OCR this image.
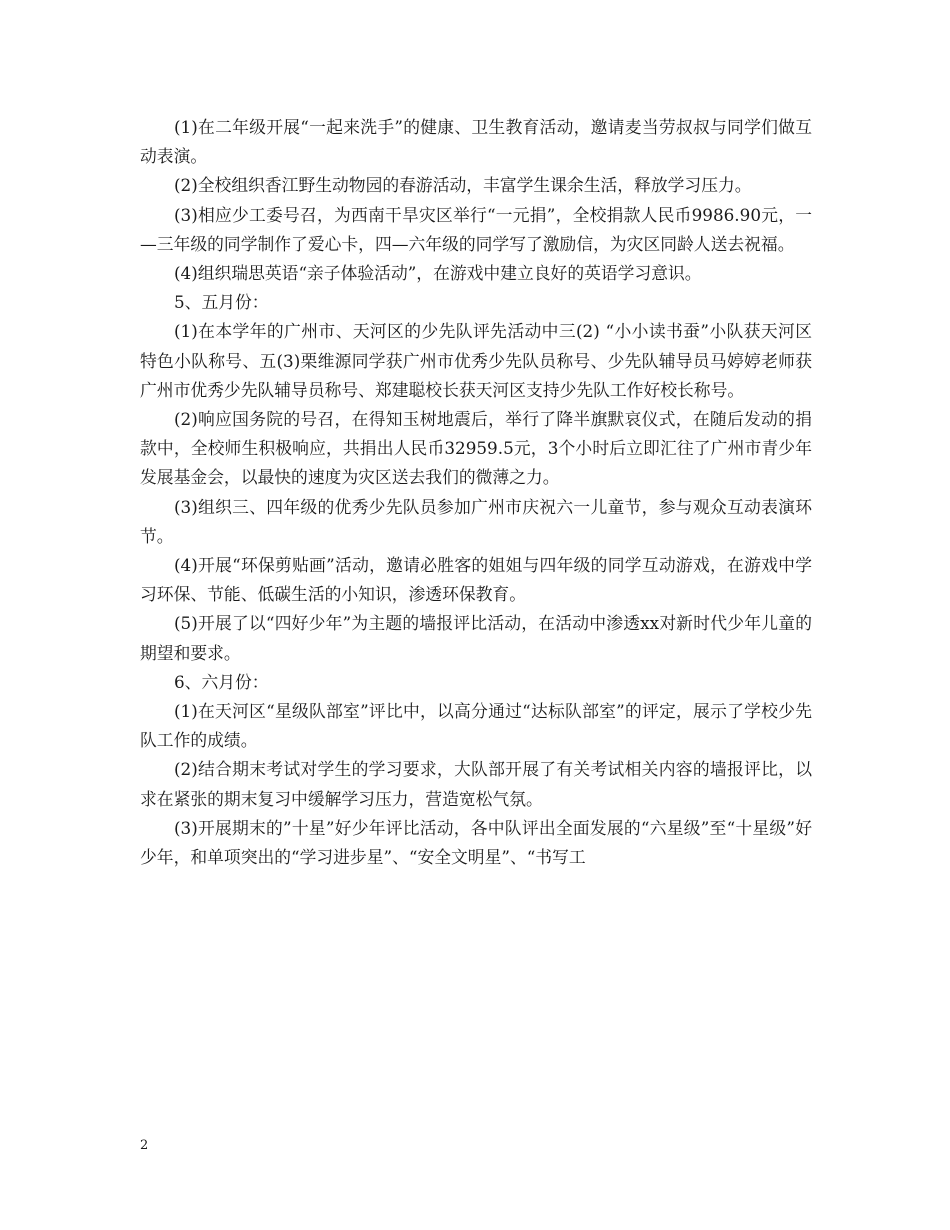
(1)在二年级开展“一起来洗手”的健康、卫生教育活动，邀请麦当劳叔叔与同学们做互动表演。

(2)全校组织香江野生动物园的春游活动，丰富学生课余生活，释放学习压力。

(3)相应少工委号召，为西南干旱灾区举行“一元捐”，全校捐款人民币9986.90元，一—三年级的同学制作了爱心卡，四—六年级的同学写了激励信，为灾区同龄人送去祝福。

(4)组织瑞思英语“亲子体验活动”，在游戏中建立良好的英语学习意识。

5、五月份：

(1)在本学年的广州市、天河区的少先队评先活动中三(2) “小小读书蚕”小队获天河区特色小队称号、五(3)栗维源同学获广州市优秀少先队员称号、少先队辅导员马婷婷老师获广州市优秀少先队辅导员称号、郑建聪校长获天河区支持少先队工作好校长称号。

(2)响应国务院的号召，在得知玉树地震后，举行了降半旗默哀仪式，在随后发动的捐款中，全校师生积极响应，共捐出人民币32959.5元，3个小时后立即汇往了广州市青少年发展基金会，以最快的速度为灾区送去我们的微薄之力。

(3)组织三、四年级的优秀少先队员参加广州市庆祝六一儿童节，参与观众互动表演环节。

(4)开展“环保剪贴画”活动，邀请必胜客的姐姐与四年级的同学互动游戏，在游戏中学习环保、节能、低碳生活的小知识，渗透环保教育。

(5)开展了以“四好少年”为主题的墙报评比活动，在活动中渗透xx对新时代少年儿童的期望和要求。

6、六月份：

(1)在天河区“星级队部室”评比中，以高分通过“达标队部室”的评定，展示了学校少先队工作的成绩。

(2)结合期末考试对学生的学习要求，大队部开展了有关考试相关内容的墙报评比，以求在紧张的期末复习中缓解学习压力，营造宽松气氛。

(3)开展期末的”十星”好少年评比活动，各中队评出全面发展的“六星级”至“十星级”好少年，和单项突出的“学习进步星”、“安全文明星”、“书写工

2
